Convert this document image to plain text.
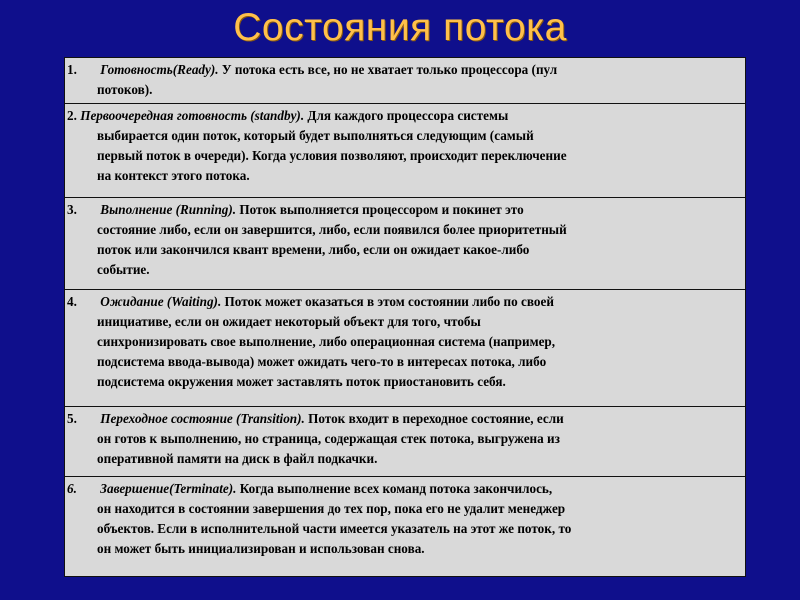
Состояния потока
1. Готовность(Ready). У потока есть все, но не хватает только процессора (пул
потоков).
2. Первоочередная готовность (standby). Для каждого процессора системы
выбирается один поток, который будет выполняться следующим (самый
первый поток в очереди). Когда условия позволяют, происходит переключение
на контекст этого потока.
3. Выполнение (Running). Поток выполняется процессором и покинет это
состояние либо, если он завершится, либо, если появился более приоритетный
поток или закончился квант времени, либо, если он ожидает какое-либо
событие.
4. Ожидание (Waiting). Поток может оказаться в этом состоянии либо по своей
инициативе, если он ожидает некоторый объект для того, чтобы
синхронизировать свое выполнение, либо операционная система (например,
подсистема ввода-вывода) может ожидать чего-то в интересах потока, либо
подсистема окружения может заставлять поток приостановить себя.
5. Переходное состояние (Transition). Поток входит в переходное состояние, если
он готов к выполнению, но страница, содержащая стек потока, выгружена из
оперативной памяти на диск в файл подкачки.
6. Завершение(Terminate). Когда выполнение всех команд потока закончилось,
он находится в состоянии завершения до тех пор, пока его не удалит менеджер
объектов. Если в исполнительной части имеется указатель на этот же поток, то
он может быть инициализирован и использован снова.
